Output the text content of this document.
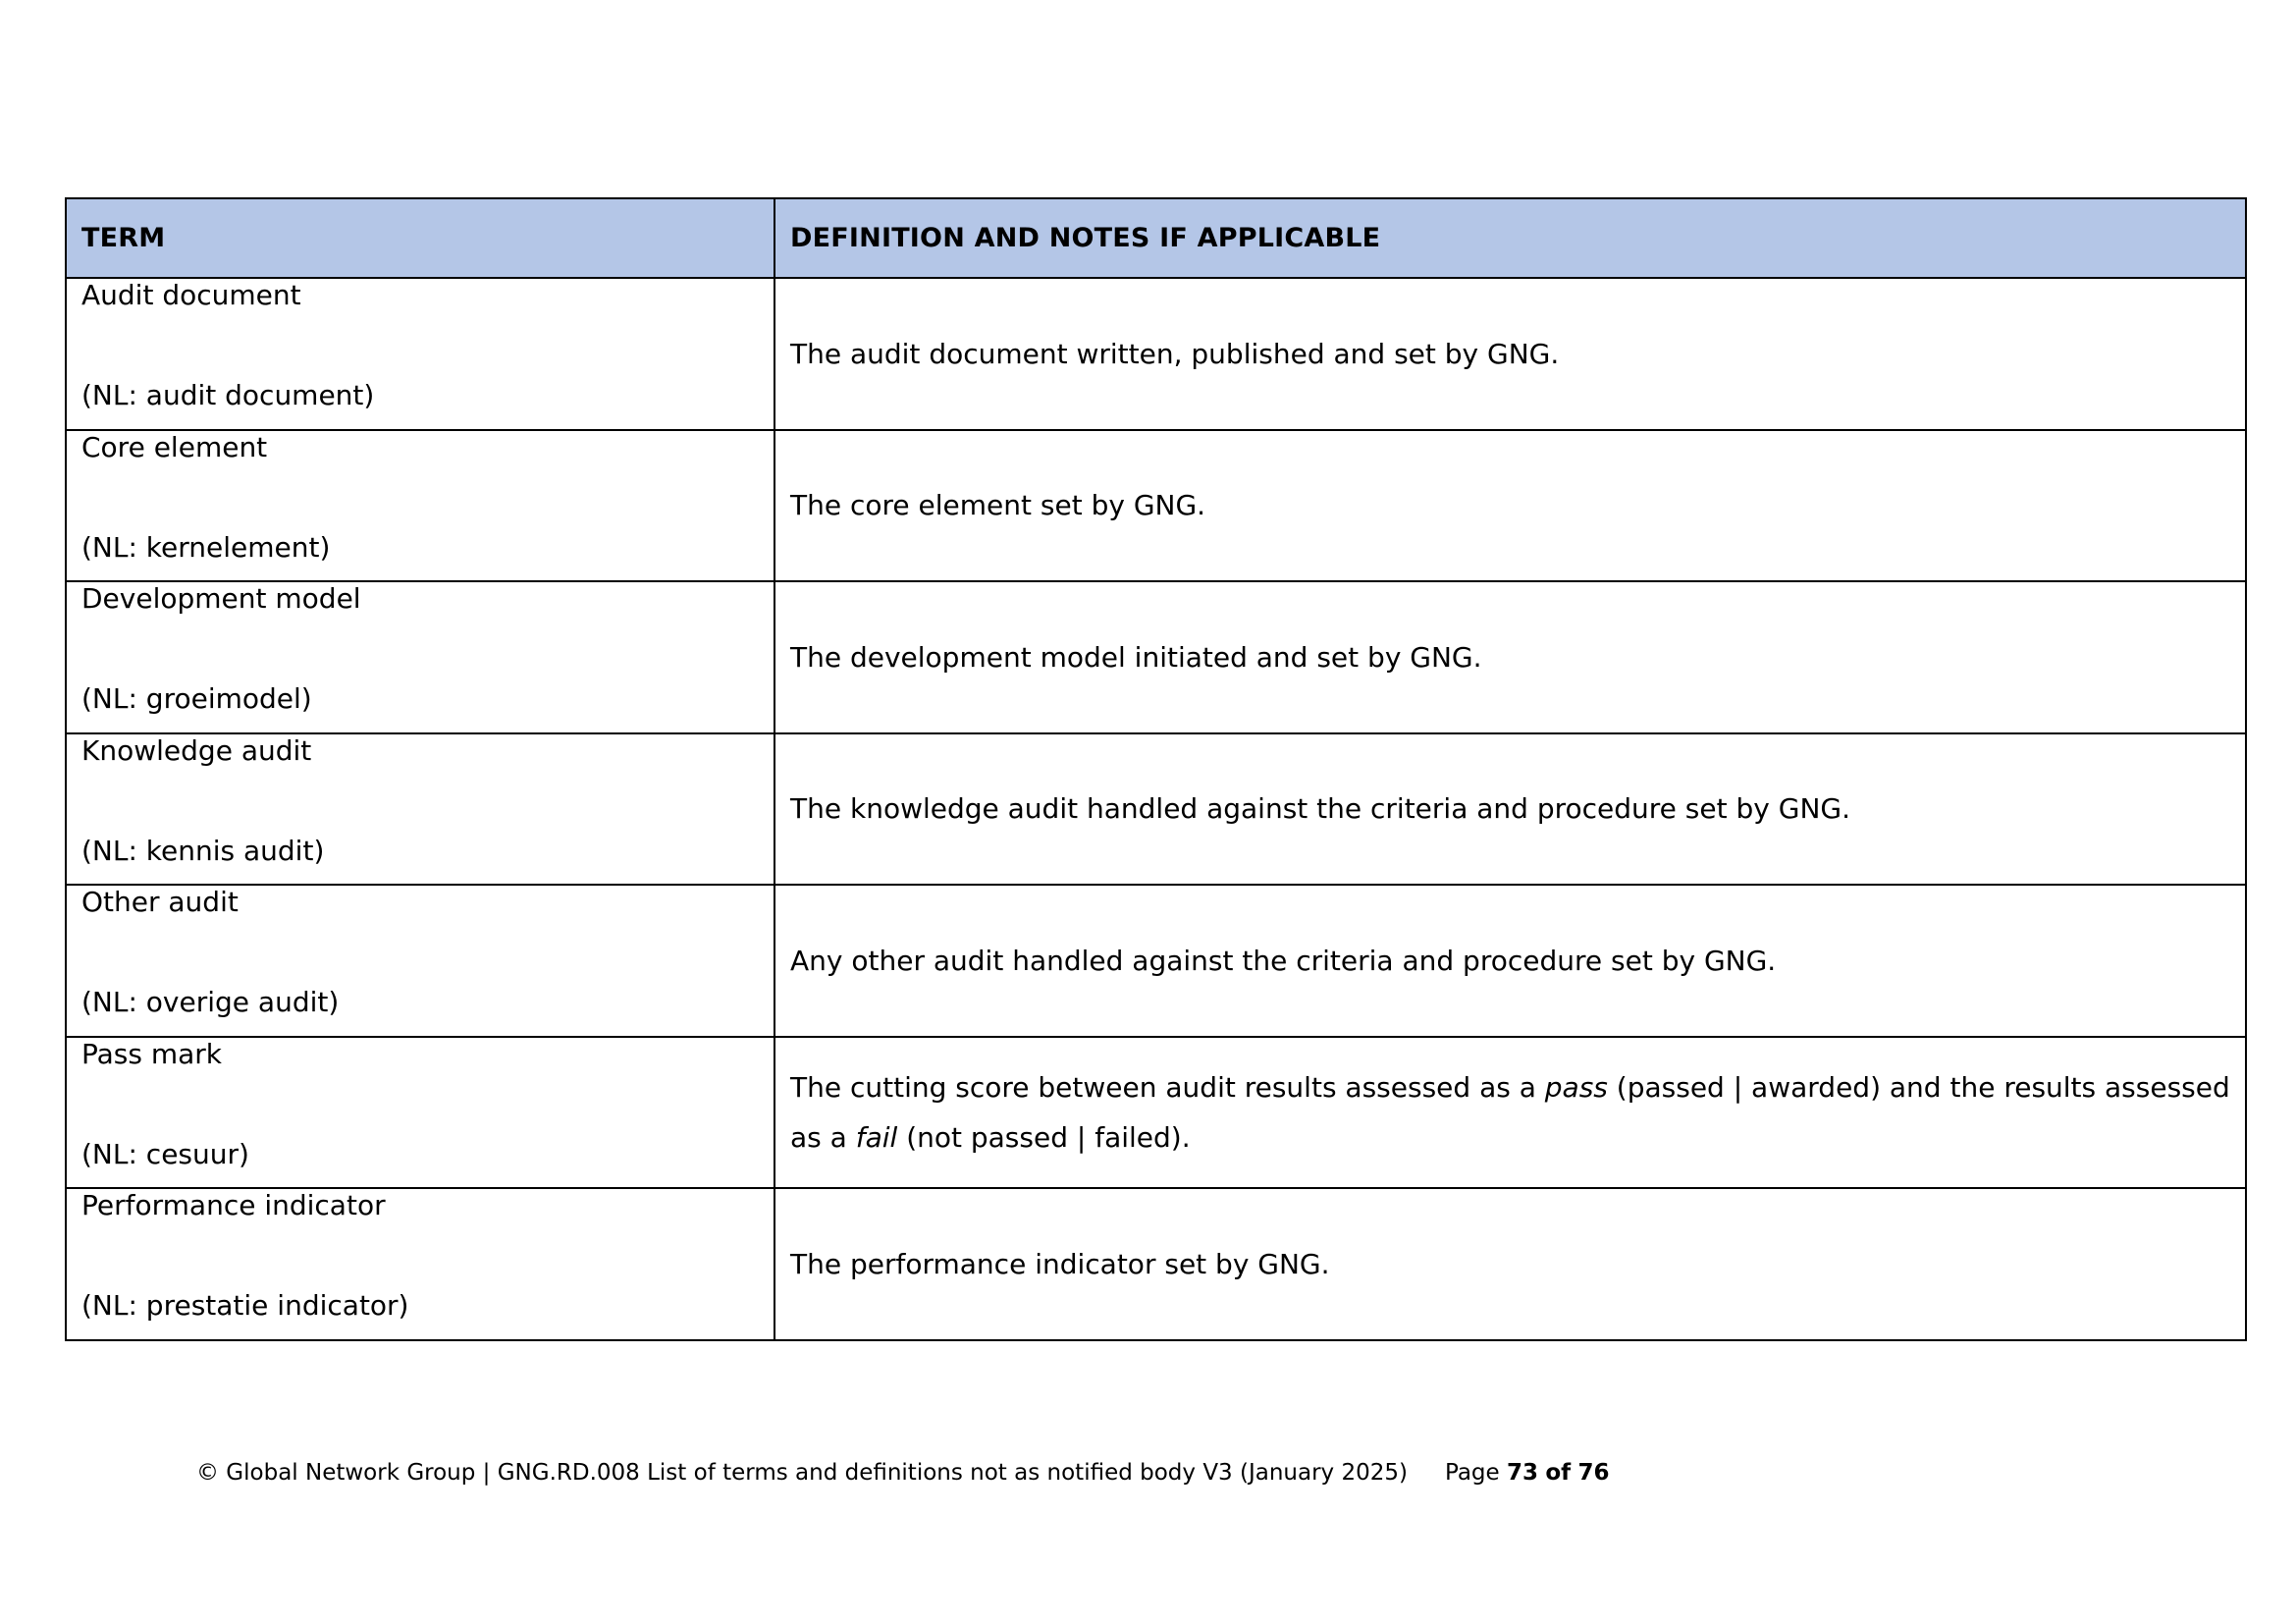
TERM	DEFINITION AND NOTES IF APPLICABLE

Audit document
(NL: audit document)	The audit document written, published and set by GNG.

Core element
(NL: kernelement)	The core element set by GNG.

Development model
(NL: groeimodel)	The development model initiated and set by GNG.

Knowledge audit
(NL: kennis audit)	The knowledge audit handled against the criteria and procedure set by GNG.

Other audit
(NL: overige audit)	Any other audit handled against the criteria and procedure set by GNG.

Pass mark
(NL: cesuur)	The cutting score between audit results assessed as a pass (passed | awarded) and the results assessed as a fail (not passed | failed).

Performance indicator
(NL: prestatie indicator)	The performance indicator set by GNG.
© Global Network Group | GNG.RD.008 List of terms and definitions not as notified body V3 (January 2025) Page 73 of 76
